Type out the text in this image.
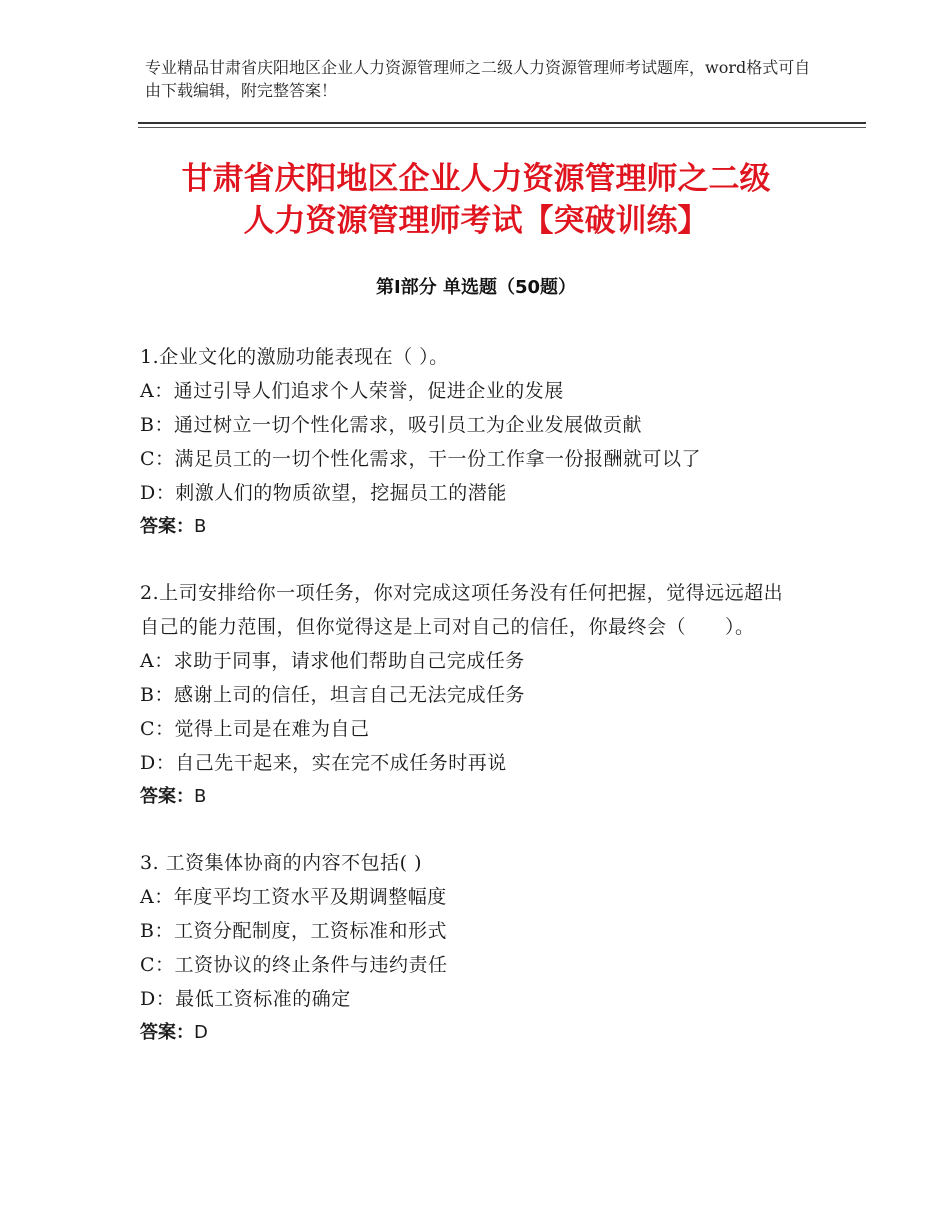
专业精品甘肃省庆阳地区企业人力资源管理师之二级人力资源管理师考试题库，word格式可自由下载编辑，附完整答案！
甘肃省庆阳地区企业人力资源管理师之二级
人力资源管理师考试【突破训练】
第Ⅰ部分 单选题（50题）

1.企业文化的激励功能表现在（ ）。

A：通过引导人们追求个人荣誉，促进企业的发展

B：通过树立一切个性化需求，吸引员工为企业发展做贡献

C：满足员工的一切个性化需求，干一份工作拿一份报酬就可以了

D：刺激人们的物质欲望，挖掘员工的潜能

答案：B

2.上司安排给你一项任务，你对完成这项任务没有任何把握，觉得远远超出自己的能力范围，但你觉得这是上司对自己的信任，你最终会（　　）。

A：求助于同事，请求他们帮助自己完成任务

B：感谢上司的信任，坦言自己无法完成任务

C：觉得上司是在难为自己

D：自己先干起来，实在完不成任务时再说

答案：B

3. 工资集体协商的内容不包括( )

A：年度平均工资水平及期调整幅度

B：工资分配制度，工资标准和形式

C：工资协议的终止条件与违约责任

D：最低工资标准的确定

答案：D
